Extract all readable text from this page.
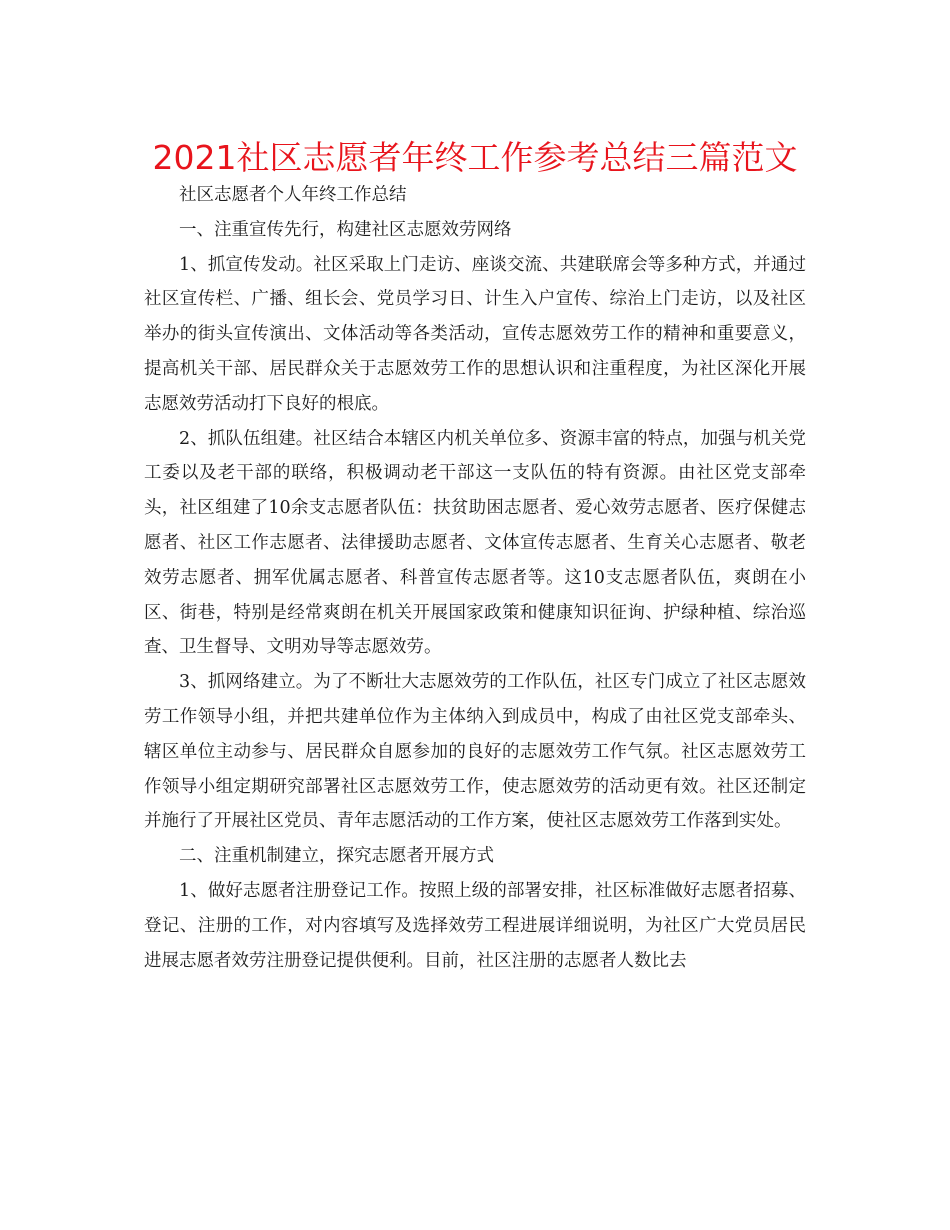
2021社区志愿者年终工作参考总结三篇范文

社区志愿者个人年终工作总结

一、注重宣传先行，构建社区志愿效劳网络

1、抓宣传发动。社区采取上门走访、座谈交流、共建联席会等多种方式，并通过社区宣传栏、广播、组长会、党员学习日、计生入户宣传、综治上门走访，以及社区举办的街头宣传演出、文体活动等各类活动，宣传志愿效劳工作的精神和重要意义，提高机关干部、居民群众关于志愿效劳工作的思想认识和注重程度，为社区深化开展志愿效劳活动打下良好的根底。

2、抓队伍组建。社区结合本辖区内机关单位多、资源丰富的特点，加强与机关党工委以及老干部的联络，积极调动老干部这一支队伍的特有资源。由社区党支部牵头，社区组建了10余支志愿者队伍：扶贫助困志愿者、爱心效劳志愿者、医疗保健志愿者、社区工作志愿者、法律援助志愿者、文体宣传志愿者、生育关心志愿者、敬老效劳志愿者、拥军优属志愿者、科普宣传志愿者等。这10支志愿者队伍，爽朗在小区、街巷，特别是经常爽朗在机关开展国家政策和健康知识征询、护绿种植、综治巡查、卫生督导、文明劝导等志愿效劳。

3、抓网络建立。为了不断壮大志愿效劳的工作队伍，社区专门成立了社区志愿效劳工作领导小组，并把共建单位作为主体纳入到成员中，构成了由社区党支部牵头、辖区单位主动参与、居民群众自愿参加的良好的志愿效劳工作气氛。社区志愿效劳工作领导小组定期研究部署社区志愿效劳工作，使志愿效劳的活动更有效。社区还制定并施行了开展社区党员、青年志愿活动的工作方案，使社区志愿效劳工作落到实处。

二、注重机制建立，探究志愿者开展方式

1、做好志愿者注册登记工作。按照上级的部署安排，社区标准做好志愿者招募、登记、注册的工作，对内容填写及选择效劳工程进展详细说明，为社区广大党员居民进展志愿者效劳注册登记提供便利。目前，社区注册的志愿者人数比去
